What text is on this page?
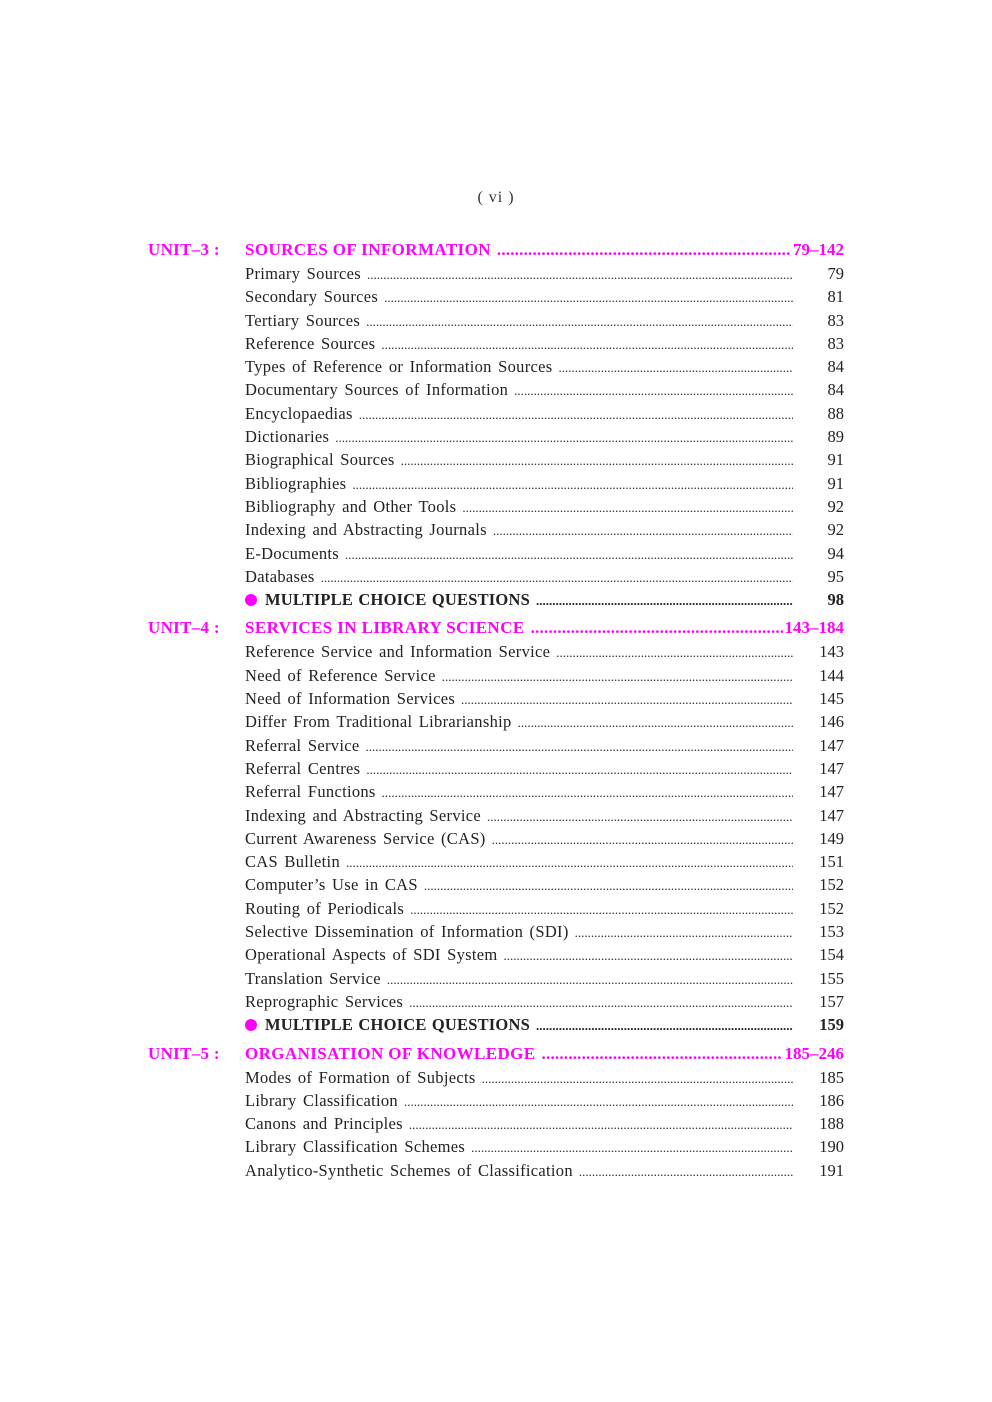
( vi )
UNIT–3 :	SOURCES OF INFORMATION .....	79–142
Primary Sources .....	79
Secondary Sources .....	81
Tertiary Sources .....	83
Reference Sources .....	83
Types of Reference or Information Sources .....	84
Documentary Sources of Information .....	84
Encyclopaedias .....	88
Dictionaries .....	89
Biographical Sources .....	91
Bibliographies .....	91
Bibliography and Other Tools .....	92
Indexing and Abstracting Journals .....	92
E-Documents .....	94
Databases .....	95
MULTIPLE CHOICE QUESTIONS .....	98
UNIT–4 :	SERVICES IN LIBRARY SCIENCE .....	143–184
Reference Service and Information Service .....	143
Need of Reference Service .....	144
Need of Information Services .....	145
Differ From Traditional Librarianship .....	146
Referral Service .....	147
Referral Centres .....	147
Referral Functions .....	147
Indexing and Abstracting Service .....	147
Current Awareness Service (CAS) .....	149
CAS Bulletin .....	151
Computer’s Use in CAS .....	152
Routing of Periodicals .....	152
Selective Dissemination of Information (SDI) .....	153
Operational Aspects of SDI System .....	154
Translation Service .....	155
Reprographic Services .....	157
MULTIPLE CHOICE QUESTIONS .....	159
UNIT–5 :	ORGANISATION OF KNOWLEDGE .....	185–246
Modes of Formation of Subjects .....	185
Library Classification .....	186
Canons and Principles .....	188
Library Classification Schemes .....	190
Analytico-Synthetic Schemes of Classification .....	191
